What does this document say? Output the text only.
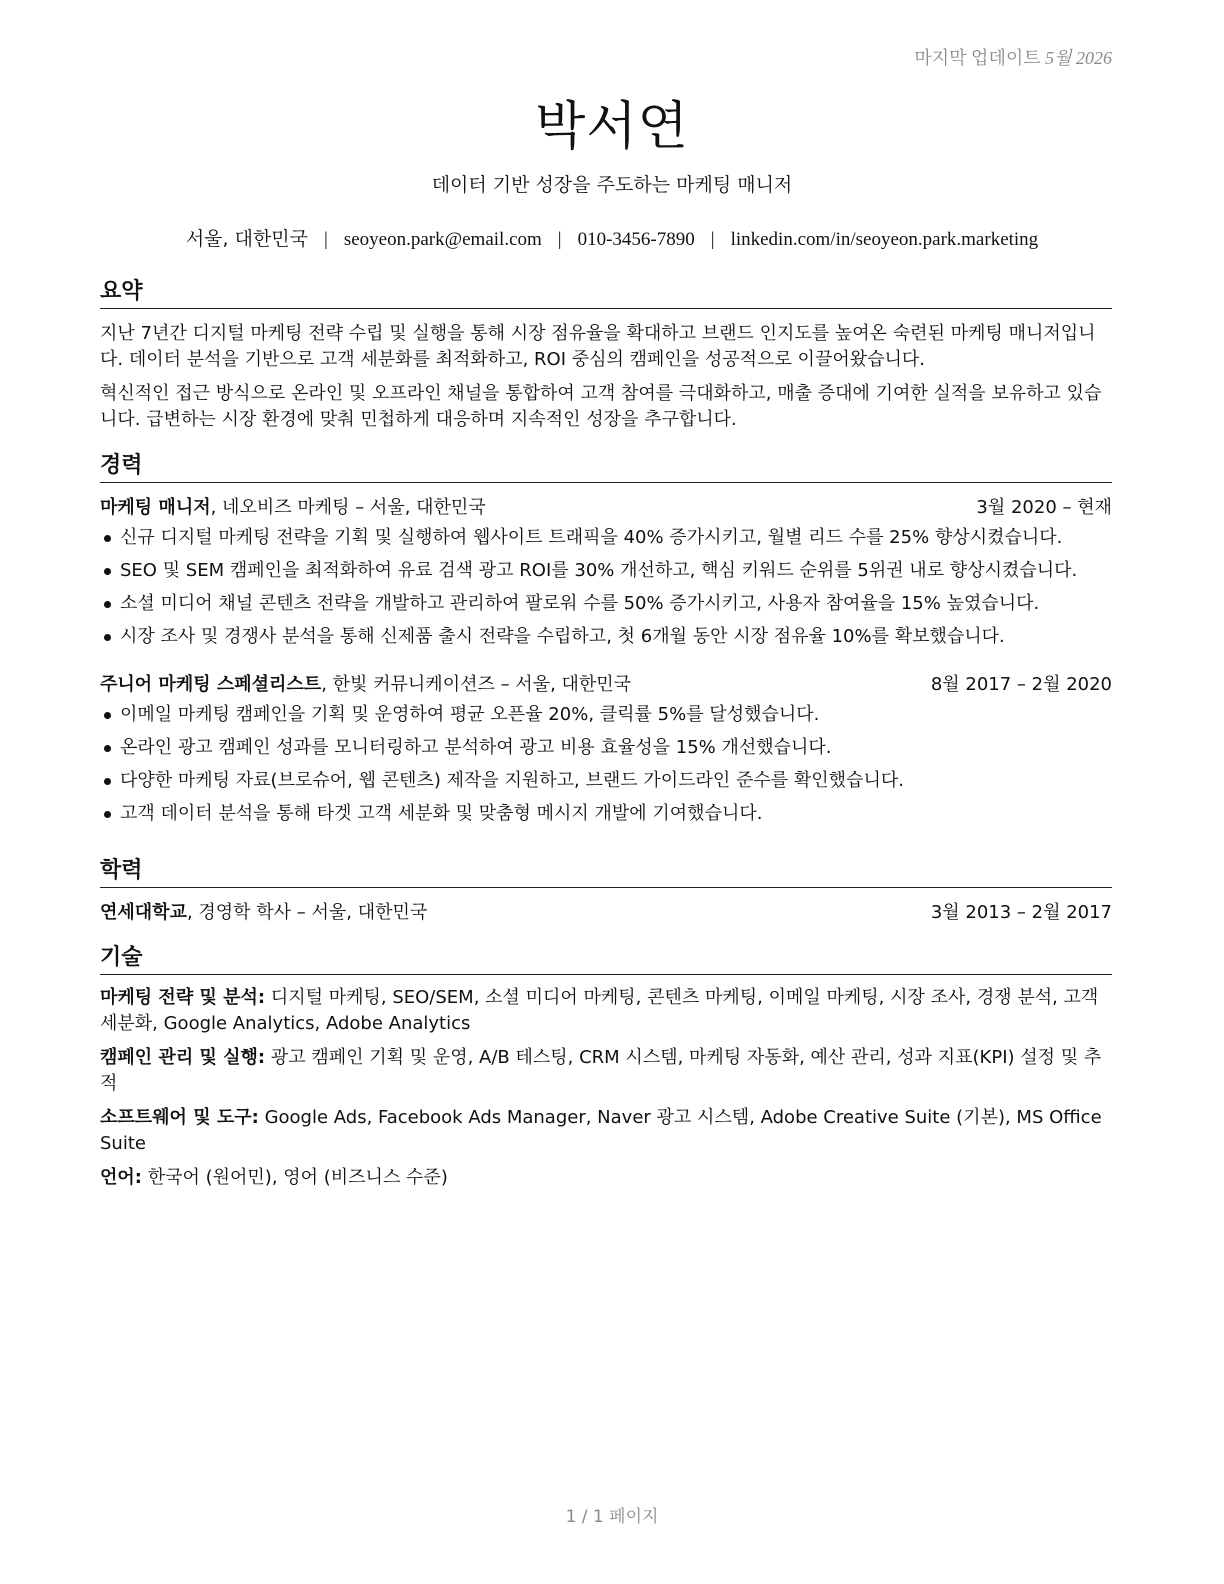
마지막 업데이트 5월 2026
박서연
데이터 기반 성장을 주도하는 마케팅 매니저
서울, 대한민국 | seoyeon.park@email.com | 010-3456-7890 | linkedin.com/in/seoyeon.park.marketing
요약

지난 7년간 디지털 마케팅 전략 수립 및 실행을 통해 시장 점유율을 확대하고 브랜드 인지도를 높여온 숙련된 마케팅 매니저입니다. 데이터 분석을 기반으로 고객 세분화를 최적화하고, ROI 중심의 캠페인을 성공적으로 이끌어왔습니다.

혁신적인 접근 방식으로 온라인 및 오프라인 채널을 통합하여 고객 참여를 극대화하고, 매출 증대에 기여한 실적을 보유하고 있습니다. 급변하는 시장 환경에 맞춰 민첩하게 대응하며 지속적인 성장을 추구합니다.

경력
마케팅 매니저, 네오비즈 마케팅 – 서울, 대한민국	3월 2020 – 현재
신규 디지털 마케팅 전략을 기획 및 실행하여 웹사이트 트래픽을 40% 증가시키고, 월별 리드 수를 25% 향상시켰습니다.
SEO 및 SEM 캠페인을 최적화하여 유료 검색 광고 ROI를 30% 개선하고, 핵심 키워드 순위를 5위권 내로 향상시켰습니다.
소셜 미디어 채널 콘텐츠 전략을 개발하고 관리하여 팔로워 수를 50% 증가시키고, 사용자 참여율을 15% 높였습니다.
시장 조사 및 경쟁사 분석을 통해 신제품 출시 전략을 수립하고, 첫 6개월 동안 시장 점유율 10%를 확보했습니다.
주니어 마케팅 스페셜리스트, 한빛 커뮤니케이션즈 – 서울, 대한민국	8월 2017 – 2월 2020
이메일 마케팅 캠페인을 기획 및 운영하여 평균 오픈율 20%, 클릭률 5%를 달성했습니다.
온라인 광고 캠페인 성과를 모니터링하고 분석하여 광고 비용 효율성을 15% 개선했습니다.
다양한 마케팅 자료(브로슈어, 웹 콘텐츠) 제작을 지원하고, 브랜드 가이드라인 준수를 확인했습니다.
고객 데이터 분석을 통해 타겟 고객 세분화 및 맞춤형 메시지 개발에 기여했습니다.
학력
연세대학교, 경영학 학사 – 서울, 대한민국	3월 2013 – 2월 2017
기술

마케팅 전략 및 분석: 디지털 마케팅, SEO/SEM, 소셜 미디어 마케팅, 콘텐츠 마케팅, 이메일 마케팅, 시장 조사, 경쟁 분석, 고객 세분화, Google Analytics, Adobe Analytics

캠페인 관리 및 실행: 광고 캠페인 기획 및 운영, A/B 테스팅, CRM 시스템, 마케팅 자동화, 예산 관리, 성과 지표(KPI) 설정 및 추적

소프트웨어 및 도구: Google Ads, Facebook Ads Manager, Naver 광고 시스템, Adobe Creative Suite (기본), MS Office Suite

언어: 한국어 (원어민), 영어 (비즈니스 수준)

1 / 1 페이지
